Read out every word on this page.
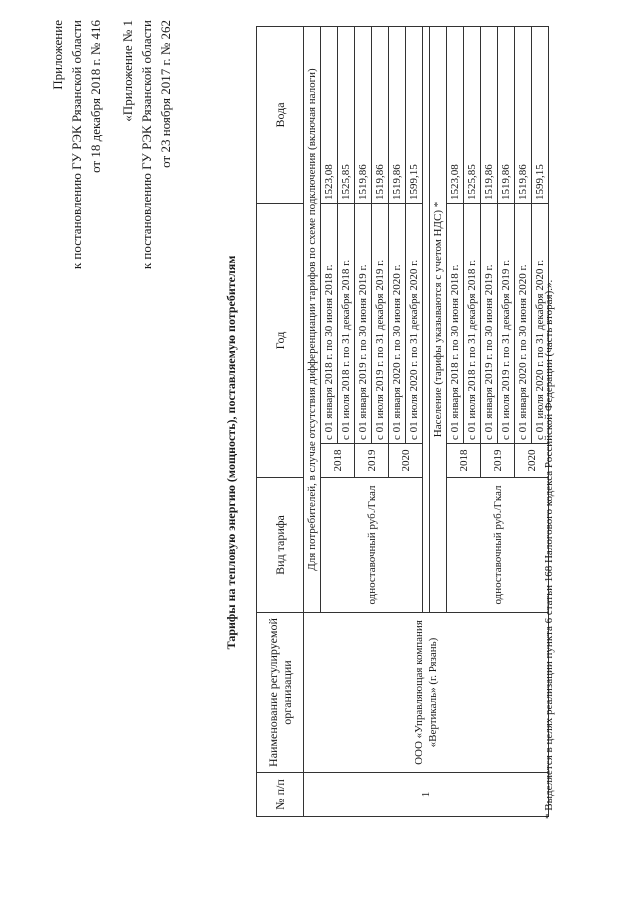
Приложение к постановлению ГУ РЭК Рязанской области от 18 декабря 2018 г. № 416 «Приложение № 1 к постановлению ГУ РЭК Рязанской области от 23 ноября 2017 г. № 262
Тарифы на тепловую энергию (мощность), поставляемую потребителям
№ п/п	Наименование регулируемой организации	Вид тарифа	Год		Вода
1	ООО «Управляющая компания «Вертикаль» (г. Рязань)	Для потребителей, в случае отсутствия дифференциации тарифов по схеме подключения (включая налоги)			
		одноставочный руб./Гкал	2018	с 01 января 2018 г. по 30 июня 2018 г.	1523,08
				с 01 июля 2018 г. по 31 декабря 2018 г.	1525,85
			2019	с 01 января 2019 г. по 30 июня 2019 г.	1519,86
				с 01 июля 2019 г. по 31 декабря 2019 г.	1519,86
			2020	с 01 января 2020 г. по 30 июня 2020 г.	1519,86
				с 01 июля 2020 г. по 31 декабря 2020 г.	1599,15

		Население (тарифы указываются с учетом НДС) *			
		одноставочный руб./Гкал	2018	с 01 января 2018 г. по 30 июня 2018 г.	1523,08
				с 01 июля 2018 г. по 31 декабря 2018 г.	1525,85
			2019	с 01 января 2019 г. по 30 июня 2019 г.	1519,86
				с 01 июля 2019 г. по 31 декабря 2019 г.	1519,86
			2020	с 01 января 2020 г. по 30 июня 2020 г.	1519,86
				с 01 июля 2020 г. по 31 декабря 2020 г.	1599,15

* Выделяется в целях реализации пункта 6 статьи 168 Налогового кодекса Российской Федерации (часть вторая).».
